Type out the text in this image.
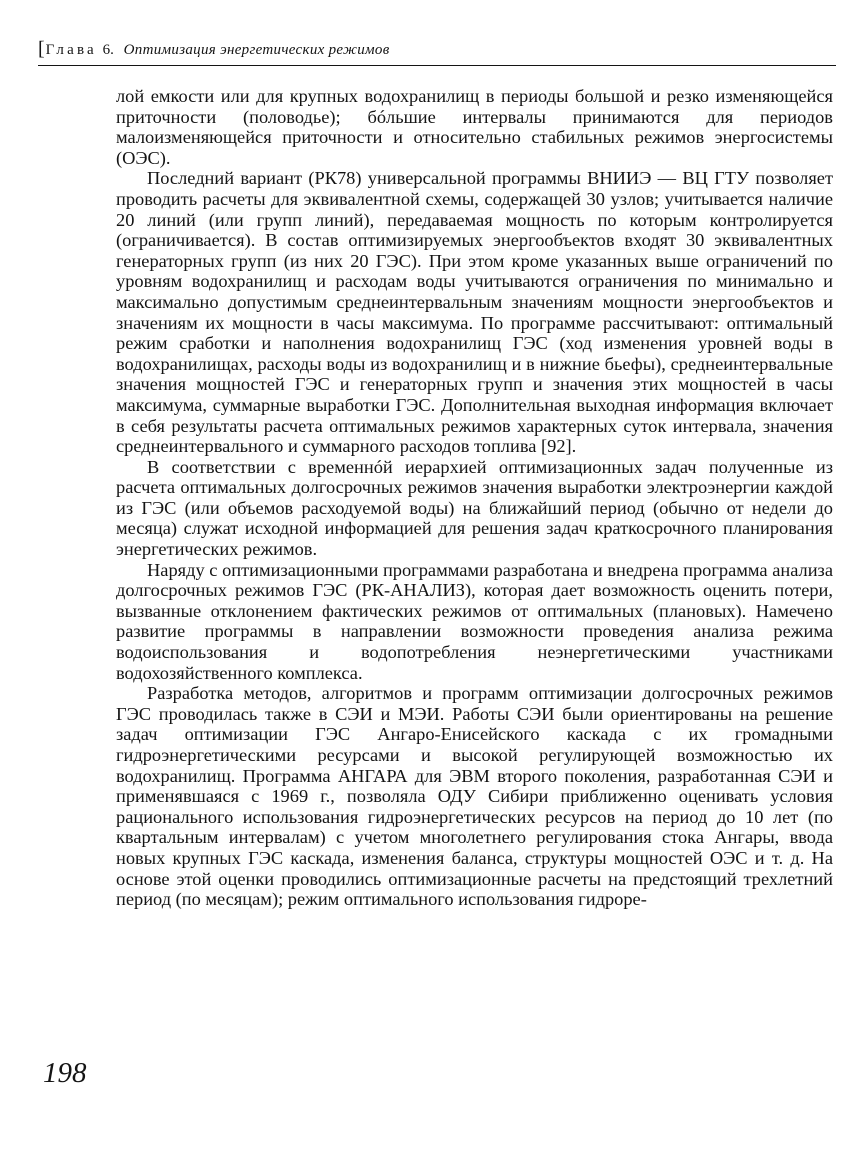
[Глава 6. Оптимизация энергетических режимов

лой емкости или для крупных водохранилищ в периоды большой и резко изменяющейся приточности (половодье); бóльшие интервалы принимаются для периодов малоизменяющейся приточности и относительно стабильных режимов энергосистемы (ОЭС).

Последний вариант (РК78) универсальной программы ВНИИЭ — ВЦ ГТУ позволяет проводить расчеты для эквивалентной схемы, содержащей 30 узлов; учитывается наличие 20 линий (или групп линий), передаваемая мощность по которым контролируется (ограничивается). В состав оптимизируемых энергообъектов входят 30 эквивалентных генераторных групп (из них 20 ГЭС). При этом кроме указанных выше ограничений по уровням водохранилищ и расходам воды учитываются ограничения по минимально и максимально допустимым среднеинтервальным значениям мощности энергообъектов и значениям их мощности в часы максимума. По программе рассчитывают: оптимальный режим сработки и наполнения водохранилищ ГЭС (ход изменения уровней воды в водохранилищах, расходы воды из водохранилищ и в нижние бьефы), среднеинтервальные значения мощностей ГЭС и генераторных групп и значения этих мощностей в часы максимума, суммарные выработки ГЭС. Дополнительная выходная информация включает в себя результаты расчета оптимальных режимов характерных суток интервала, значения среднеинтервального и суммарного расходов топлива [92].

В соответствии с временнóй иерархией оптимизационных задач полученные из расчета оптимальных долгосрочных режимов значения выработки электроэнергии каждой из ГЭС (или объемов расходуемой воды) на ближайший период (обычно от недели до месяца) служат исходной информацией для решения задач краткосрочного планирования энергетических режимов.

Наряду с оптимизационными программами разработана и внедрена программа анализа долгосрочных режимов ГЭС (РК-АНАЛИЗ), которая дает возможность оценить потери, вызванные отклонением фактических режимов от оптимальных (плановых). Намечено развитие программы в направлении возможности проведения анализа режима водоиспользования и водопотребления неэнергетическими участниками водохозяйственного комплекса.

Разработка методов, алгоритмов и программ оптимизации долгосрочных режимов ГЭС проводилась также в СЭИ и МЭИ. Работы СЭИ были ориентированы на решение задач оптимизации ГЭС Ангаро-Енисейского каскада с их громадными гидроэнергетическими ресурсами и высокой регулирующей возможностью их водохранилищ. Программа АНГАРА для ЭВМ второго поколения, разработанная СЭИ и применявшаяся с 1969 г., позволяла ОДУ Сибири приближенно оценивать условия рационального использования гидроэнергетических ресурсов на период до 10 лет (по квартальным интервалам) с учетом многолетнего регулирования стока Ангары, ввода новых крупных ГЭС каскада, изменения баланса, структуры мощностей ОЭС и т. д. На основе этой оценки проводились оптимизационные расчеты на предстоящий трехлетний период (по месяцам); режим оптимального использования гидроре-

198
